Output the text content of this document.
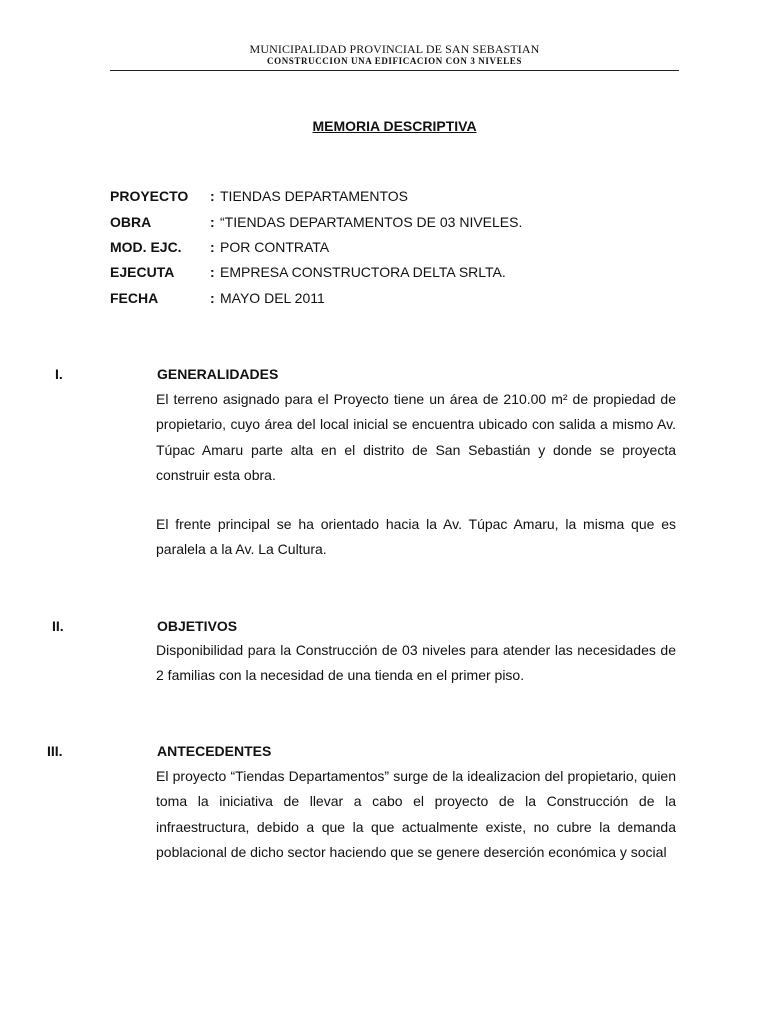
MUNICIPALIDAD PROVINCIAL DE SAN SEBASTIAN
CONSTRUCCION UNA EDIFICACION CON 3 NIVELES
MEMORIA DESCRIPTIVA
PROYECTO : TIENDAS DEPARTAMENTOS
OBRA	: “TIENDAS DEPARTAMENTOS DE 03 NIVELES.
MOD. EJC. : POR CONTRATA
EJECUTA	: EMPRESA CONSTRUCTORA DELTA SRLTA.
FECHA	: MAYO DEL 2011
I.	GENERALIDADES

El terreno asignado para el Proyecto tiene un área de 210.00 m² de propiedad de propietario, cuyo área del local inicial se encuentra ubicado con salida a mismo Av. Túpac Amaru parte alta en el distrito de San Sebastián y donde se proyecta construir esta obra.

El frente principal se ha orientado hacia la Av. Túpac Amaru, la misma que es paralela a la Av. La Cultura.

II.	OBJETIVOS

Disponibilidad para la Construcción de 03 niveles para atender las necesidades de 2 familias con la necesidad de una tienda en el primer piso.

III.	ANTECEDENTES

El proyecto “Tiendas Departamentos” surge de la idealizacion del propietario, quien toma la iniciativa de llevar a cabo el proyecto de la Construcción de la infraestructura, debido a que la que actualmente existe, no cubre la demanda poblacional de dicho sector haciendo que se genere deserción económica y social
